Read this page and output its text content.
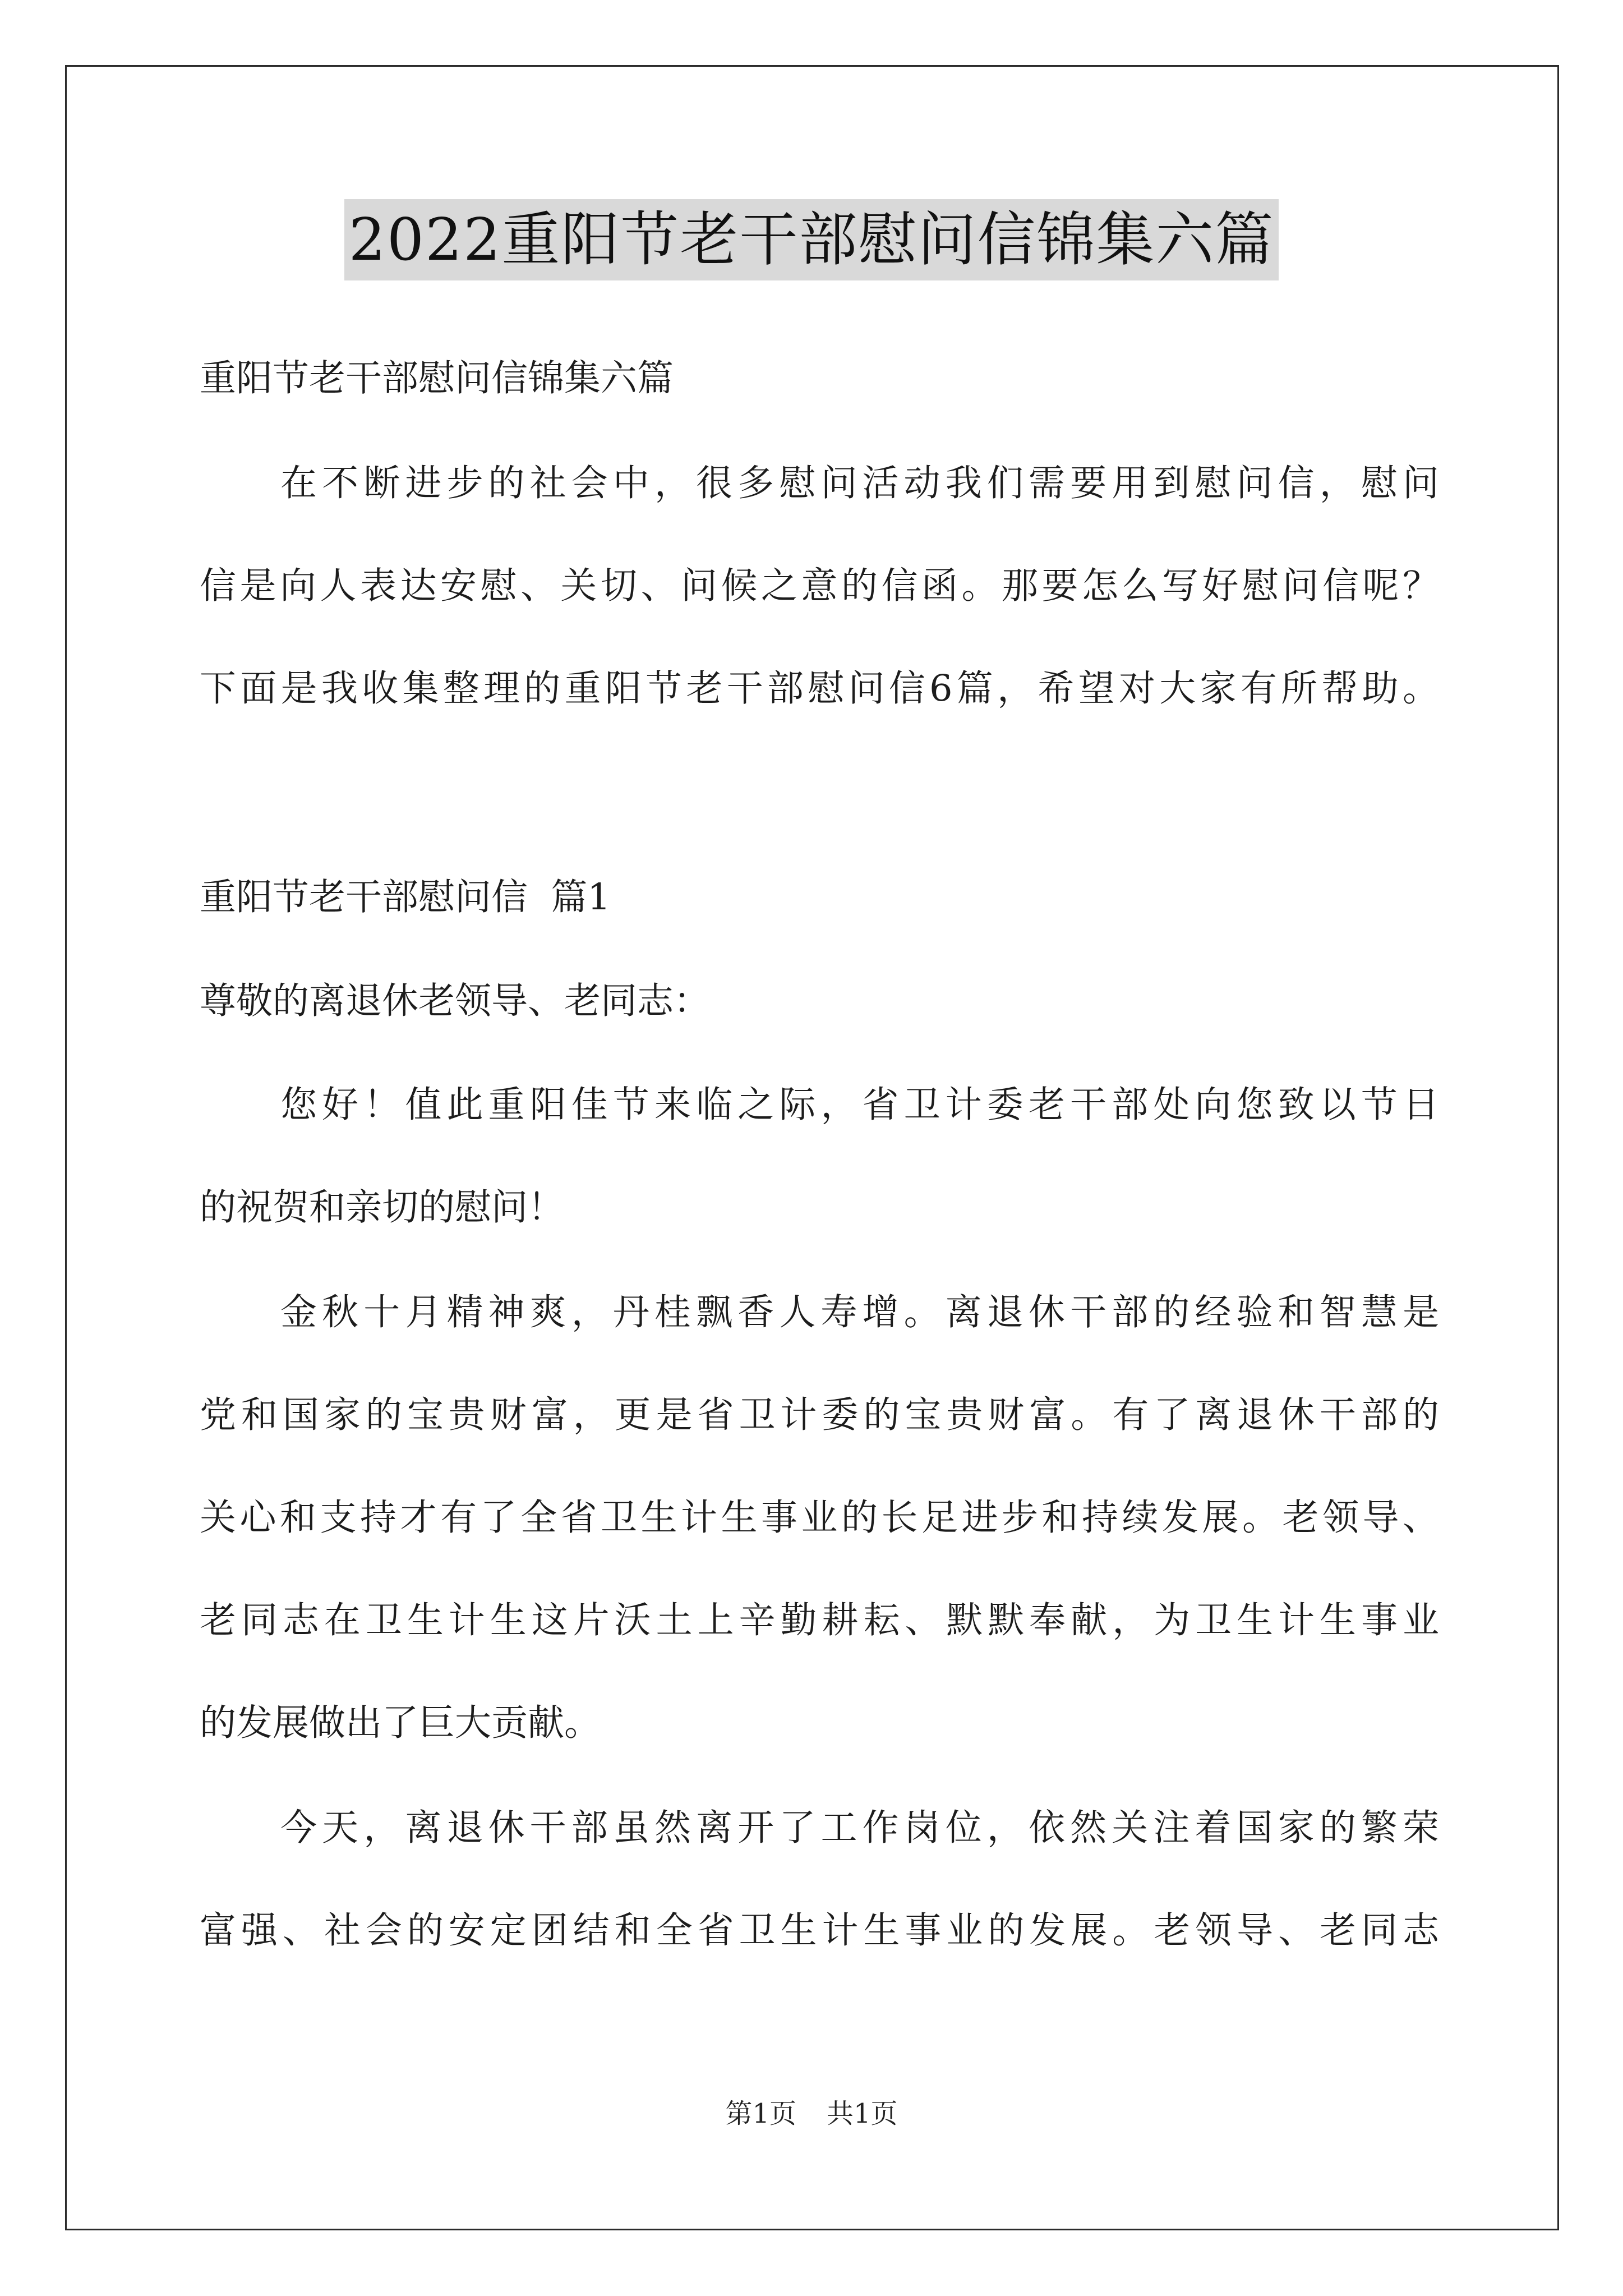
2022重阳节老干部慰问信锦集六篇
重阳节老干部慰问信锦集六篇
在不断进步的社会中，很多慰问活动我们需要用到慰问信，慰问
信是向人表达安慰、关切、问候之意的信函。那要怎么写好慰问信呢？
下面是我收集整理的重阳节老干部慰问信6篇，希望对大家有所帮助。
重阳节老干部慰问信  篇1
尊敬的离退休老领导、老同志：
您好！值此重阳佳节来临之际，省卫计委老干部处向您致以节日
的祝贺和亲切的慰问！
金秋十月精神爽，丹桂飘香人寿增。离退休干部的经验和智慧是
党和国家的宝贵财富，更是省卫计委的宝贵财富。有了离退休干部的
关心和支持才有了全省卫生计生事业的长足进步和持续发展。老领导、
老同志在卫生计生这片沃土上辛勤耕耘、默默奉献，为卫生计生事业
的发展做出了巨大贡献。
今天，离退休干部虽然离开了工作岗位，依然关注着国家的繁荣
富强、社会的安定团结和全省卫生计生事业的发展。老领导、老同志
第1页 共1页
